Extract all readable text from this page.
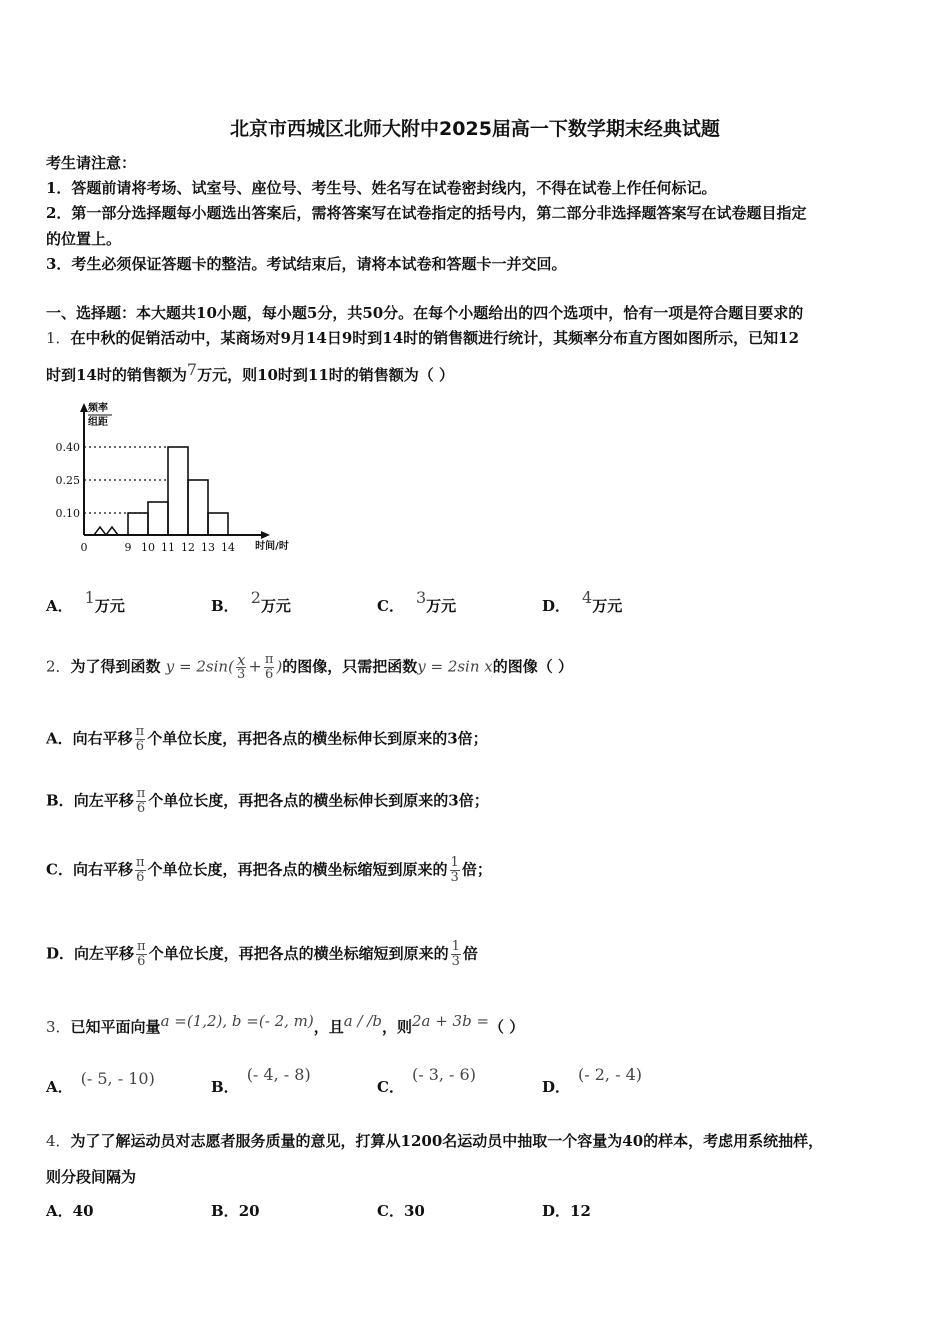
北京市西城区北师大附中2025届高一下数学期末经典试题
考生请注意：
1．答题前请将考场、试室号、座位号、考生号、姓名写在试卷密封线内，不得在试卷上作任何标记。
2．第一部分选择题每小题选出答案后，需将答案写在试卷指定的括号内，第二部分非选择题答案写在试卷题目指定
的位置上。
3．考生必须保证答题卡的整洁。考试结束后，请将本试卷和答题卡一并交回。
一、选择题：本大题共10小题，每小题5分，共50分。在每个小题给出的四个选项中，恰有一项是符合题目要求的
1．在中秋的促销活动中，某商场对9月14日9时到14时的销售额进行统计，其频率分布直方图如图所示，已知12
时到14时的销售额为7万元，则10时到11时的销售额为（ ）
频率
组距
0.10
0.25
0.40
0	9 10 11 12 13 14 时间/时
A． 1万元	B． 2万元	C． 3万元	D． 4万元
2．为了得到函数 $y = 2\sin( \frac{x}{3} + \frac{\pi}{6}$ )的图像，只需把函数y = 2sin x的图像（ ）
A．向右平移 $\frac{\pi}{6}$ 个单位长度，再把各点的横坐标伸长到原来的3倍；
B．向左平移 $\frac{\pi}{6}$ 个单位长度，再把各点的横坐标伸长到原来的3倍；
C．向右平移 $\frac{\pi}{6}$ 个单位长度，再把各点的横坐标缩短到原来的 $\frac{1}{3}$ 倍；
D．向左平移 $\frac{\pi}{6}$ 个单位长度，再把各点的横坐标缩短到原来的 $\frac{1}{3}$ 倍
3．已知平面向量a =(1,2), b =(- 2, m)，且a / /b，则2a + 3b =（ ）
A． (- 5, - 10)	B．(- 4, - 8)
C．(- 3, - 6)
D．(- 2, - 4)
4．为了了解运动员对志愿者服务质量的意见，打算从1200名运动员中抽取一个容量为40的样本，考虑用系统抽样，
则分段间隔为
A．40	B．20	C．30	D．12
